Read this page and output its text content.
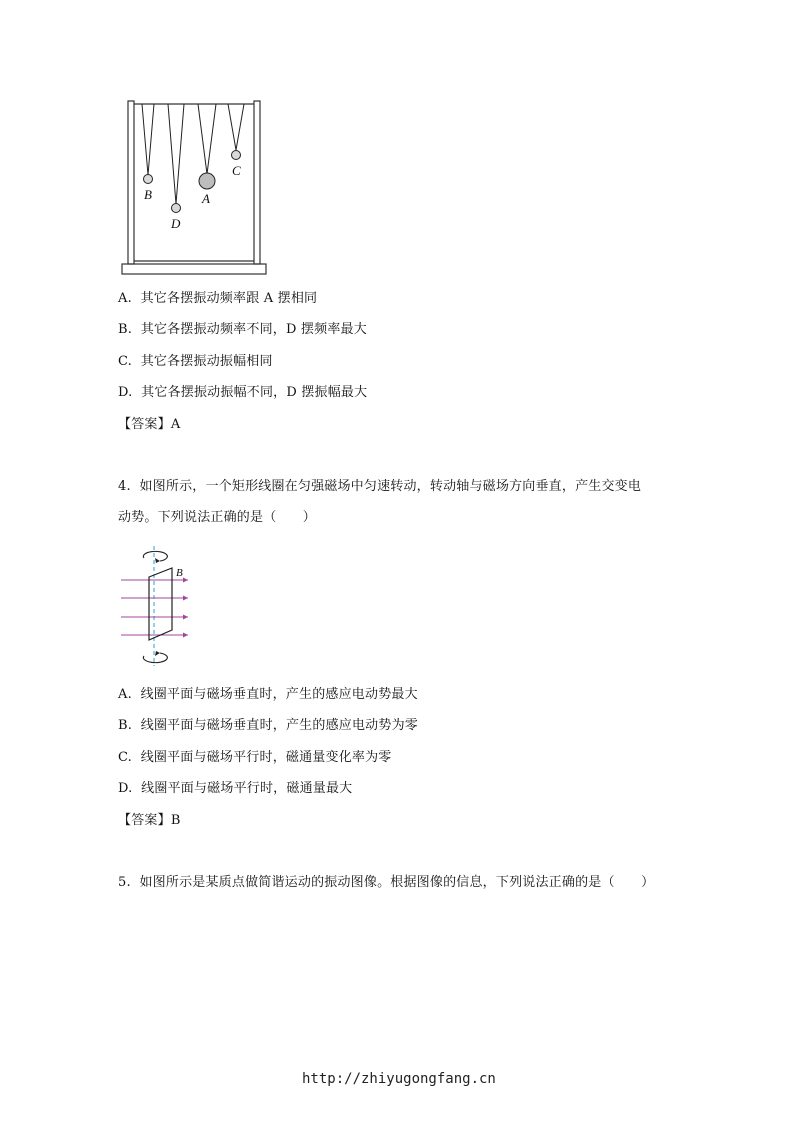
B
D
A
C
A. 其它各摆振动频率跟 A 摆相同
B. 其它各摆振动频率不同，D 摆频率最大
C. 其它各摆振动振幅相同
D. 其它各摆振动振幅不同，D 摆振幅最大
【答案】A
4. 如图所示，一个矩形线圈在匀强磁场中匀速转动，转动轴与磁场方向垂直，产生交变电
动势。下列说法正确的是（　　）
B
A. 线圈平面与磁场垂直时，产生的感应电动势最大
B. 线圈平面与磁场垂直时，产生的感应电动势为零
C. 线圈平面与磁场平行时，磁通量变化率为零
D. 线圈平面与磁场平行时，磁通量最大
【答案】B
5. 如图所示是某质点做简谐运动的振动图像。根据图像的信息，下列说法正确的是（　　）
http://zhiyugongfang.cn
